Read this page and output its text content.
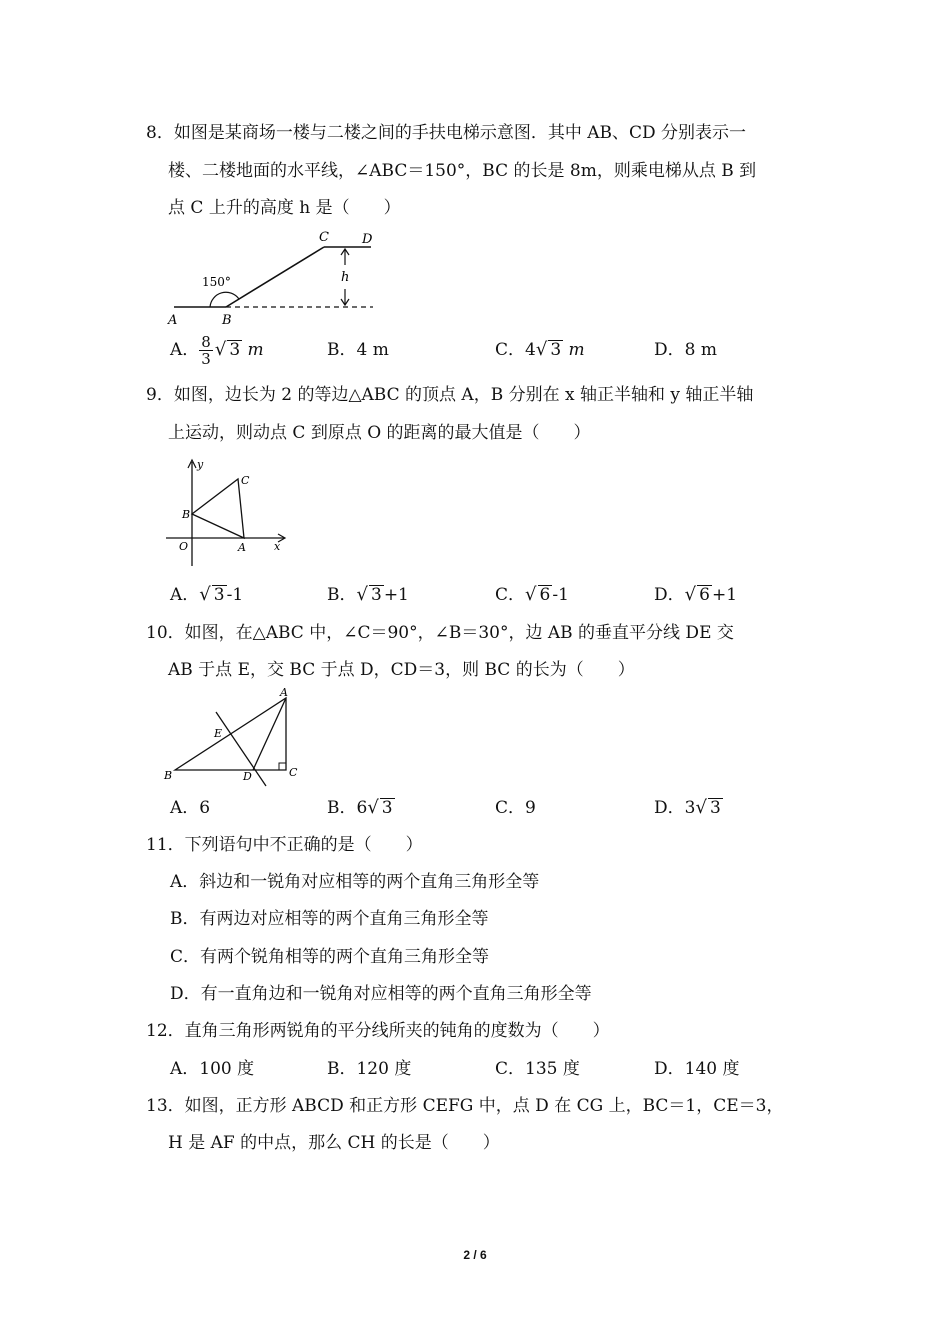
8．如图是某商场一楼与二楼之间的手扶电梯示意图．其中 AB、CD 分别表示一
楼、二楼地面的水平线，∠ABC＝150°，BC 的长是 8m，则乘电梯从点 B 到
点 C 上升的高度 h 是（　　）
A	B
C	D
h
150°
A． $\frac{8}{3}$ √ 3 m	B．4 m	C．4√ 3 m	D．8 m
9．如图，边长为 2 的等边△ABC 的顶点 A，B 分别在 x 轴正半轴和 y 轴正半轴
上运动，则动点 C 到原点 O 的距离的最大值是（　　）
y
x
O	A
B
C
A．√ 3 -1	B．√ 3 +1	C．√ 6 -1	D．√ 6 +1
10．如图，在△ABC 中，∠C＝90°，∠B＝30°，边 AB 的垂直平分线 DE 交
AB 于点 E，交 BC 于点 D，CD＝3，则 BC 的长为（　　）
A
B	C
D
E
A．6	B．6√ 3	C．9	D．3√ 3
11．下列语句中不正确的是（　　）
A．斜边和一锐角对应相等的两个直角三角形全等
B．有两边对应相等的两个直角三角形全等
C．有两个锐角相等的两个直角三角形全等
D．有一直角边和一锐角对应相等的两个直角三角形全等
12．直角三角形两锐角的平分线所夹的钝角的度数为（　　）
A．100 度	B．120 度	C．135 度	D．140 度
13．如图，正方形 ABCD 和正方形 CEFG 中，点 D 在 CG 上，BC＝1，CE＝3，
H 是 AF 的中点，那么 CH 的长是（　　）
2 / 6
